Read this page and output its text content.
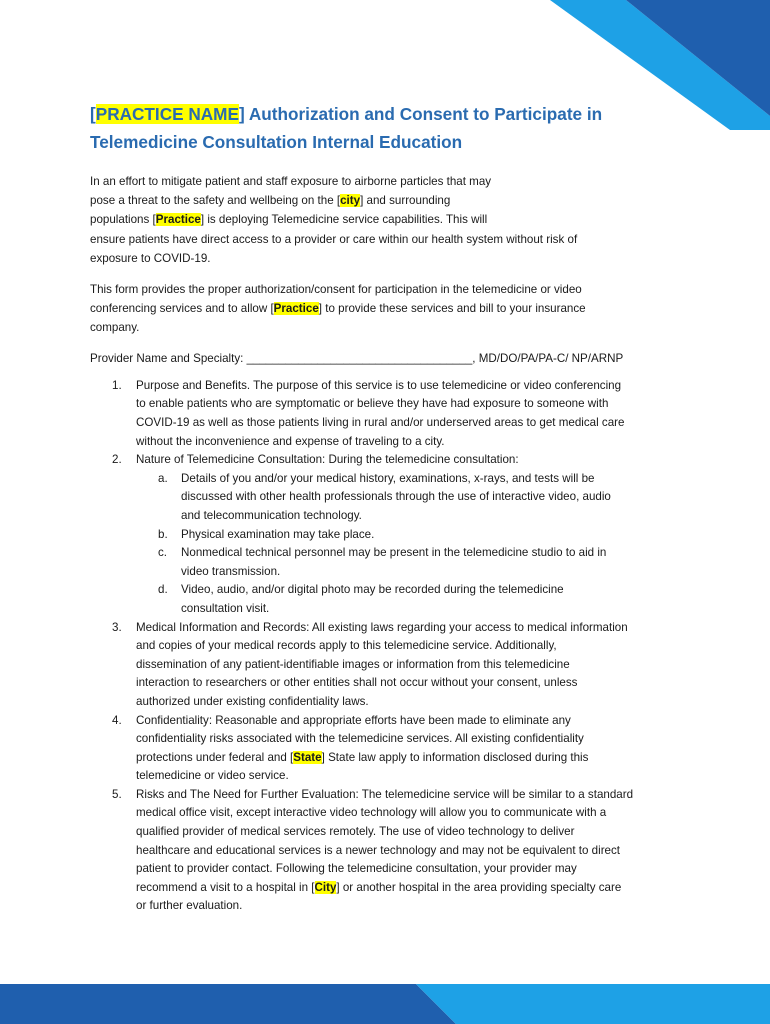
[PRACTICE NAME] Authorization and Consent to Participate in
Telemedicine Consultation Internal Education

In an effort to mitigate patient and staff exposure to airborne particles that may
pose a threat to the safety and wellbeing on the [city] and surrounding
populations [Practice] is deploying Telemedicine service capabilities. This will
ensure patients have direct access to a provider or care within our health system without risk of
exposure to COVID-19.

This form provides the proper authorization/consent for participation in the telemedicine or video
conferencing services and to allow [Practice] to provide these services and bill to your insurance
company.

Provider Name and Specialty: ___________________________________, MD/DO/PA/PA-C/ NP/ARNP

1. Purpose and Benefits. The purpose of this service is to use telemedicine or video conferencing
to enable patients who are symptomatic or believe they have had exposure to someone with
COVID-19 as well as those patients living in rural and/or underserved areas to get medical care
without the inconvenience and expense of traveling to a city.
2. Nature of Telemedicine Consultation: During the telemedicine consultation:
a. Details of you and/or your medical history, examinations, x-rays, and tests will be
discussed with other health professionals through the use of interactive video, audio
and telecommunication technology.
b. Physical examination may take place.
c. Nonmedical technical personnel may be present in the telemedicine studio to aid in
video transmission.
d. Video, audio, and/or digital photo may be recorded during the telemedicine
consultation visit.
3. Medical Information and Records: All existing laws regarding your access to medical information
and copies of your medical records apply to this telemedicine service. Additionally,
dissemination of any patient-identifiable images or information from this telemedicine
interaction to researchers or other entities shall not occur without your consent, unless
authorized under existing confidentiality laws.
4. Confidentiality: Reasonable and appropriate efforts have been made to eliminate any
confidentiality risks associated with the telemedicine services. All existing confidentiality
protections under federal and [State] State law apply to information disclosed during this
telemedicine or video service.
5. Risks and The Need for Further Evaluation: The telemedicine service will be similar to a standard
medical office visit, except interactive video technology will allow you to communicate with a
qualified provider of medical services remotely. The use of video technology to deliver
healthcare and educational services is a newer technology and may not be equivalent to direct
patient to provider contact. Following the telemedicine consultation, your provider may
recommend a visit to a hospital in [City] or another hospital in the area providing specialty care
or further evaluation.
